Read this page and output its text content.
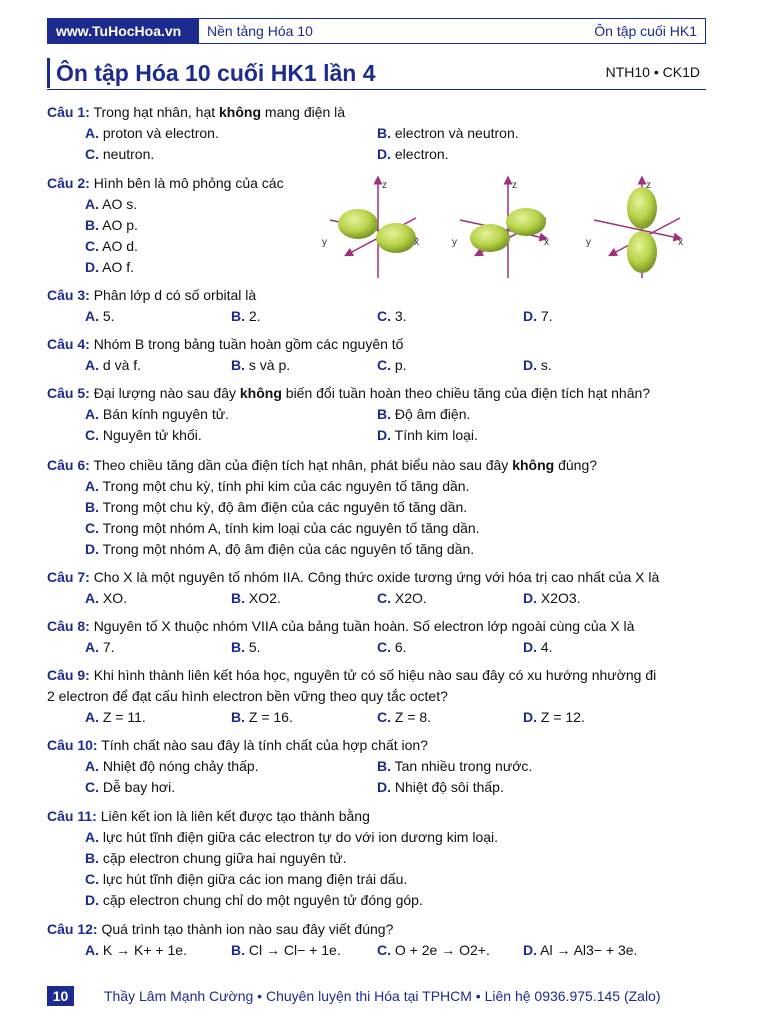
www.TuHocHoa.vn	Nền tảng Hóa 10	Ôn tập cuối HK1
Ôn tập Hóa 10 cuối HK1 lần 4	NTH10 • CK1D
Câu 1: Trong hạt nhân, hạt không mang điện là
A. proton và electron.	B. electron và neutron.
C. neutron.	D. electron.
Câu 2: Hình bên là mô phỏng của các
A. AO s.
B. AO p.
C. AO d.
D. AO f.
z
y	x
z
y	x
z
y	x
Câu 3: Phân lớp d có số orbital là
A. 5.	B. 2.	C. 3.	D. 7.
Câu 4: Nhóm B trong bảng tuần hoàn gồm các nguyên tố
A. d và f.	B. s và p.	C. p.	D. s.
Câu 5: Đại lượng nào sau đây không biến đổi tuần hoàn theo chiều tăng của điện tích hạt nhân?
A. Bán kính nguyên tử.	B. Độ âm điện.
C. Nguyên tử khối.	D. Tính kim loại.
Câu 6: Theo chiều tăng dần của điện tích hạt nhân, phát biểu nào sau đây không đúng?
A. Trong một chu kỳ, tính phi kim của các nguyên tố tăng dần.
B. Trong một chu kỳ, độ âm điện của các nguyên tố tăng dần.
C. Trong một nhóm A, tính kim loại của các nguyên tố tăng dần.
D. Trong một nhóm A, độ âm điện của các nguyên tố tăng dần.
Câu 7: Cho X là một nguyên tố nhóm IIA. Công thức oxide tương ứng với hóa trị cao nhất của X là
A. XO.	B. XO2.	C. X2O.	D. X2O3.
Câu 8: Nguyên tố X thuộc nhóm VIIA của bảng tuần hoàn. Số electron lớp ngoài cùng của X là
A. 7.	B. 5.	C. 6.	D. 4.
Câu 9: Khi hình thành liên kết hóa học, nguyên tử có số hiệu nào sau đây có xu hướng nhường đi
2 electron để đạt cấu hình electron bền vững theo quy tắc octet?
A. Z = 11.	B. Z = 16.	C. Z = 8.	D. Z = 12.
Câu 10: Tính chất nào sau đây là tính chất của hợp chất ion?
A. Nhiệt độ nóng chảy thấp.	B. Tan nhiều trong nước.
C. Dễ bay hơi.	D. Nhiệt độ sôi thấp.
Câu 11: Liên kết ion là liên kết được tạo thành bằng
A. lực hút tĩnh điện giữa các electron tự do với ion dương kim loại.
B. cặp electron chung giữa hai nguyên tử.
C. lực hút tĩnh điện giữa các ion mang điện trái dấu.
D. cặp electron chung chỉ do một nguyên tử đóng góp.
Câu 12: Quá trình tạo thành ion nào sau đây viết đúng?
A. K → K+ + 1e.	B. Cl → Cl− + 1e.	C. O + 2e → O2+. D. Al → Al3− + 3e.
10	Thầy Lâm Mạnh Cường • Chuyên luyện thi Hóa tại TPHCM • Liên hệ 0936.975.145 (Zalo)
